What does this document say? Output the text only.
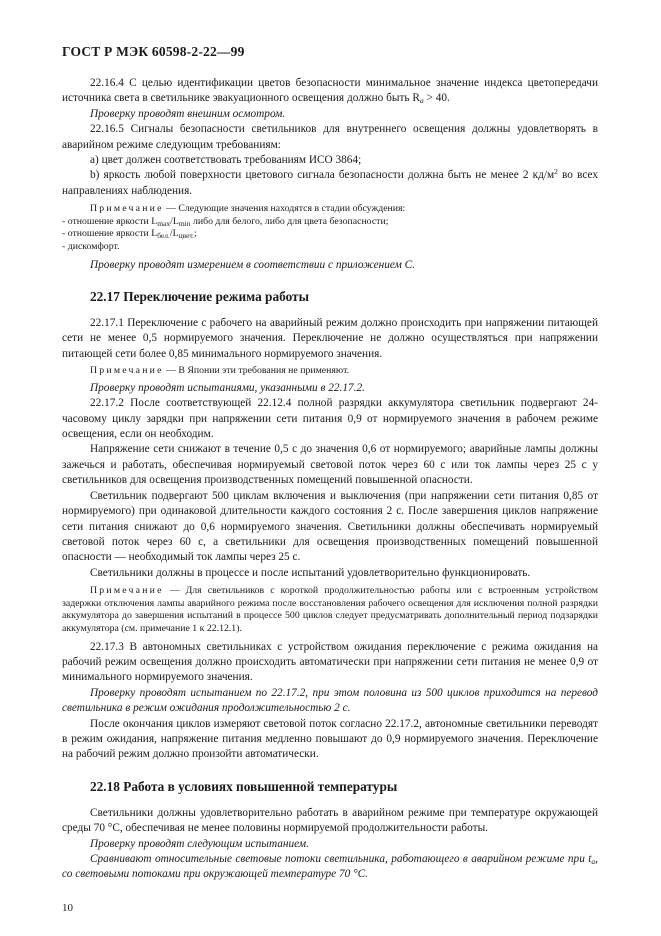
ГОСТ Р МЭК 60598-2-22—99

22.16.4 С целью идентификации цветов безопасности минимальное значение индекса цветопередачи источника света в светильнике эвакуационного освещения должно быть $R_a > 40$.

Проверку проводят внешним осмотром.

22.16.5 Сигналы безопасности светильников для внутреннего освещения должны удовлетворять в аварийном режиме следующим требованиям:

a) цвет должен соответствовать требованиям ИСО 3864;

b) яркость любой поверхности цветового сигнала безопасности должна быть не менее 2 $кд/м^2$ во всех направлениях наблюдения.

Примечание — Следующие значения находятся в стадии обсуждения:

- отношение яркости $L_{max}/L_{min}$ либо для белого, либо для цвета безопасности;

- отношение яркости $L_{бел.}/L_{цвет.}$;

- дискомфорт.

Проверку проводят измерением в соответствии с приложением С.

22.17 Переключение режима работы

22.17.1 Переключение с рабочего на аварийный режим должно происходить при напряжении питающей сети не менее 0,5 нормируемого значения. Переключение не должно осуществляться при напряжении питающей сети более 0,85 минимального нормируемого значения.

Примечание — В Японии эти требования не применяют.

Проверку проводят испытаниями, указанными в 22.17.2.

22.17.2 После соответствующей 22.12.4 полной разрядки аккумулятора светильник подвергают 24-часовому циклу зарядки при напряжении сети питания 0,9 от нормируемого значения в рабочем режиме освещения, если он необходим.

Напряжение сети снижают в течение 0,5 с до значения 0,6 от нормируемого; аварийные лампы должны зажечься и работать, обеспечивая нормируемый световой поток через 60 с или ток лампы через 25 с у светильников для освещения производственных помещений повышенной опасности.

Светильник подвергают 500 циклам включения и выключения (при напряжении сети питания 0,85 от нормируемого) при одинаковой длительности каждого состояния 2 с. После завершения циклов напряжение сети питания снижают до 0,6 нормируемого значения. Светильники должны обеспечивать нормируемый световой поток через 60 с, а светильники для освещения производственных помещений повышенной опасности — необходимый ток лампы через 25 с.

Светильники должны в процессе и после испытаний удовлетворительно функционировать.

Примечание — Для светильников с короткой продолжительностью работы или с встроенным устройством задержки отключения лампы аварийного режима после восстановления рабочего освещения для исключения полной разрядки аккумулятора до завершения испытаний в процессе 500 циклов следует предусматривать дополнительный период подзарядки аккумулятора (см. примечание 1 к 22.12.1).

22.17.3 В автономных светильниках с устройством ожидания переключение с режима ожидания на рабочий режим освещения должно происходить автоматически при напряжении сети питания не менее 0,9 от минимального нормируемого значения.

Проверку проводят испытанием по 22.17.2, при этом половина из 500 циклов приходится на перевод светильника в режим ожидания продолжительностью 2 с.

После окончания циклов измеряют световой поток согласно 22.17.2, автономные светильники переводят в режим ожидания, напряжение питания медленно повышают до 0,9 нормируемого значения. Переключение на рабочий режим должно произойти автоматически.

22.18 Работа в условиях повышенной температуры

Светильники должны удовлетворительно работать в аварийном режиме при температуре окружающей среды 70 °С, обеспечивая не менее половины нормируемой продолжительности работы.

Проверку проводят следующим испытанием.

Сравнивают относительные световые потоки светильника, работающего в аварийном режиме при $t_a$, со световыми потоками при окружающей температуре 70 °С.

10
